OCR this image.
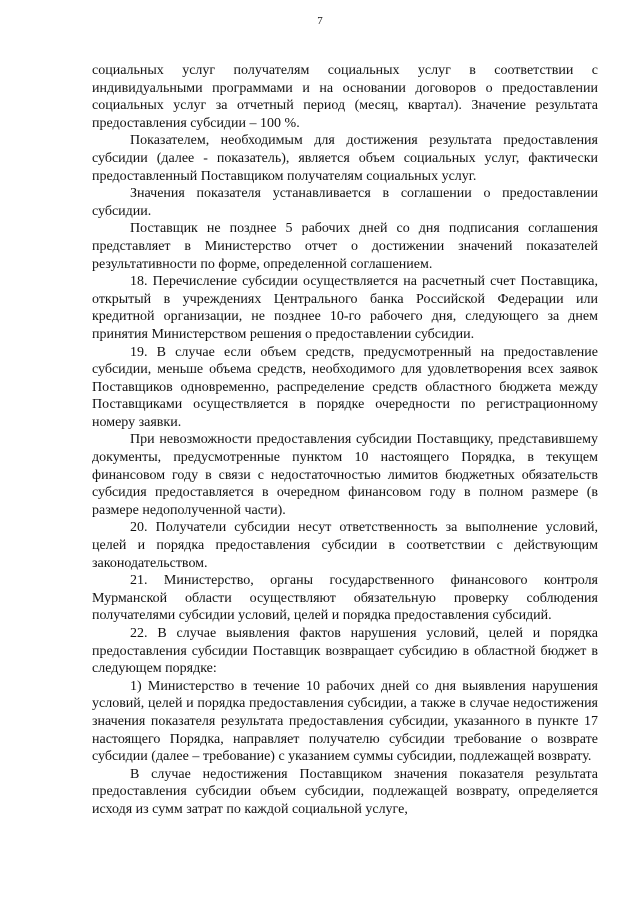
7

социальных услуг получателям социальных услуг в соответствии с индивидуальными программами и на основании договоров о предоставлении социальных услуг за отчетный период (месяц, квартал). Значение результата предоставления субсидии – 100 %.

Показателем, необходимым для достижения результата предоставления субсидии (далее - показатель), является объем социальных услуг, фактически предоставленный Поставщиком получателям социальных услуг.

Значения показателя устанавливается в соглашении о предоставлении субсидии.

Поставщик не позднее 5 рабочих дней со дня подписания соглашения представляет в Министерство отчет о достижении значений показателей результативности по форме, определенной соглашением.

18. Перечисление субсидии осуществляется на расчетный счет Поставщика, открытый в учреждениях Центрального банка Российской Федерации или кредитной организации, не позднее 10-го рабочего дня, следующего за днем принятия Министерством решения о предоставлении субсидии.

19. В случае если объем средств, предусмотренный на предоставление субсидии, меньше объема средств, необходимого для удовлетворения всех заявок Поставщиков одновременно, распределение средств областного бюджета между Поставщиками осуществляется в порядке очередности по регистрационному номеру заявки.

При невозможности предоставления субсидии Поставщику, представившему документы, предусмотренные пунктом 10 настоящего Порядка, в текущем финансовом году в связи с недостаточностью лимитов бюджетных обязательств субсидия предоставляется в очередном финансовом году в полном размере (в размере недополученной части).

20. Получатели субсидии несут ответственность за выполнение условий, целей и порядка предоставления субсидии в соответствии с действующим законодательством.

21. Министерство, органы государственного финансового контроля Мурманской области осуществляют обязательную проверку соблюдения получателями субсидии условий, целей и порядка предоставления субсидий.

22. В случае выявления фактов нарушения условий, целей и порядка предоставления субсидии Поставщик возвращает субсидию в областной бюджет в следующем порядке:

1) Министерство в течение 10 рабочих дней со дня выявления нарушения условий, целей и порядка предоставления субсидии, а также в случае недостижения значения показателя результата предоставления субсидии, указанного в пункте 17 настоящего Порядка, направляет получателю субсидии требование о возврате субсидии (далее – требование) с указанием суммы субсидии, подлежащей возврату.

В случае недостижения Поставщиком значения показателя результата предоставления субсидии объем субсидии, подлежащей возврату, определяется исходя из сумм затрат по каждой социальной услуге,
